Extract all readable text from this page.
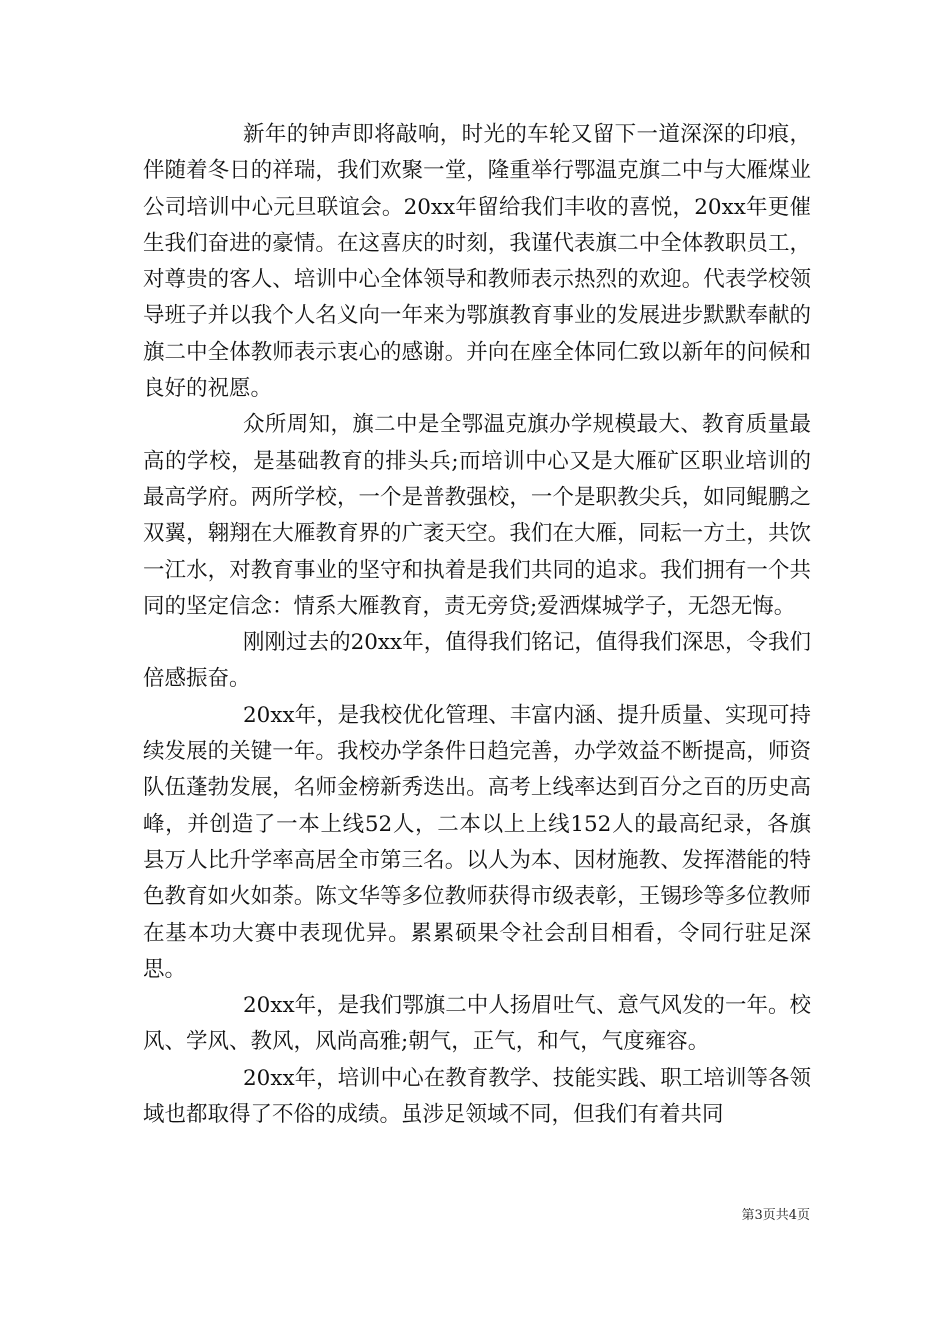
新年的钟声即将敲响，时光的车轮又留下一道深深的印痕，伴随着冬日的祥瑞，我们欢聚一堂，隆重举行鄂温克旗二中与大雁煤业公司培训中心元旦联谊会。20xx年留给我们丰收的喜悦，20xx年更催生我们奋进的豪情。在这喜庆的时刻，我谨代表旗二中全体教职员工，对尊贵的客人、培训中心全体领导和教师表示热烈的欢迎。代表学校领导班子并以我个人名义向一年来为鄂旗教育事业的发展进步默默奉献的旗二中全体教师表示衷心的感谢。并向在座全体同仁致以新年的问候和良好的祝愿。

众所周知，旗二中是全鄂温克旗办学规模最大、教育质量最高的学校，是基础教育的排头兵;而培训中心又是大雁矿区职业培训的最高学府。两所学校，一个是普教强校，一个是职教尖兵，如同鲲鹏之双翼，翱翔在大雁教育界的广袤天空。我们在大雁，同耘一方土，共饮一江水，对教育事业的坚守和执着是我们共同的追求。我们拥有一个共同的坚定信念：情系大雁教育，责无旁贷;爱洒煤城学子，无怨无悔。

刚刚过去的20xx年，值得我们铭记，值得我们深思，令我们倍感振奋。

20xx年，是我校优化管理、丰富内涵、提升质量、实现可持续发展的关键一年。我校办学条件日趋完善，办学效益不断提高，师资队伍蓬勃发展，名师金榜新秀迭出。高考上线率达到百分之百的历史高峰，并创造了一本上线52人，二本以上上线152人的最高纪录，各旗县万人比升学率高居全市第三名。以人为本、因材施教、发挥潜能的特色教育如火如荼。陈文华等多位教师获得市级表彰，王锡珍等多位教师在基本功大赛中表现优异。累累硕果令社会刮目相看，令同行驻足深思。

20xx年，是我们鄂旗二中人扬眉吐气、意气风发的一年。校风、学风、教风，风尚高雅;朝气，正气，和气，气度雍容。

20xx年，培训中心在教育教学、技能实践、职工培训等各领域也都取得了不俗的成绩。虽涉足领域不同，但我们有着共同

第3页共4页
